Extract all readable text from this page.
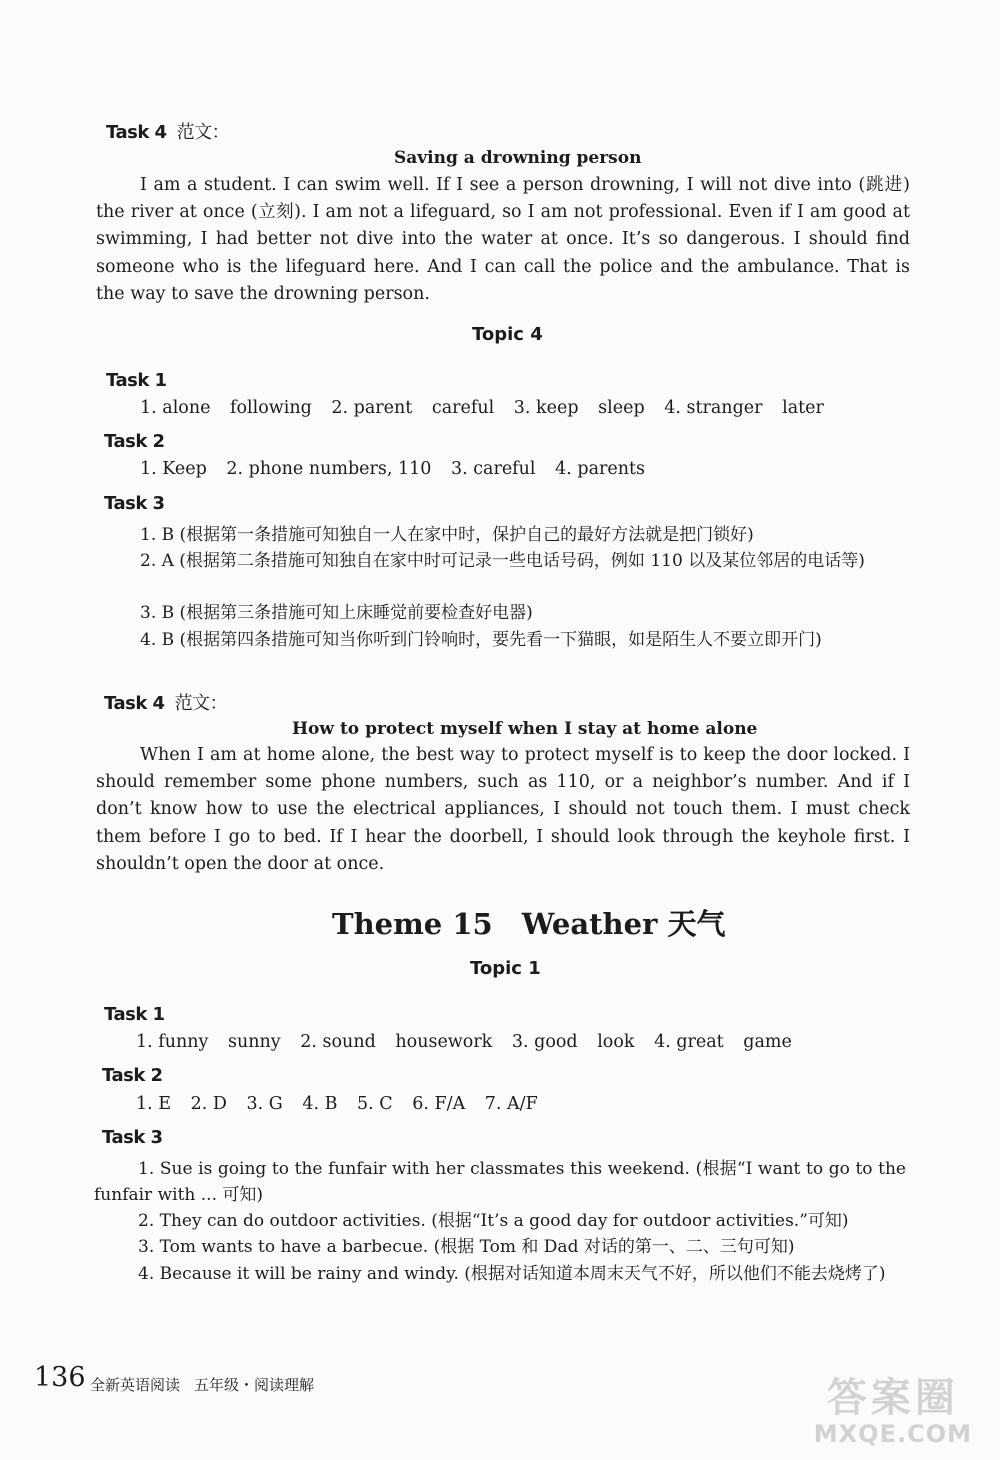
Task 4 范文：
Saving a drowning person
I am a student. I can swim well. If I see a person drowning, I will not dive into (跳进) the river at once (立刻). I am not a lifeguard, so I am not professional. Even if I am good at swimming, I had better not dive into the water at once. It’s so dangerous. I should find someone who is the lifeguard here. And I can call the police and the ambulance. That is the way to save the drowning person.
Topic 4
Task 1
1. alone following 2. parent careful 3. keep sleep 4. stranger later
Task 2
1. Keep 2. phone numbers, 110 3. careful 4. parents
Task 3
1. B (根据第一条措施可知独自一人在家中时，保护自己的最好方法就是把门锁好)
2. A (根据第二条措施可知独自在家中时可记录一些电话号码，例如 110 以及某位邻居的电话等)
3. B (根据第三条措施可知上床睡觉前要检查好电器)
4. B (根据第四条措施可知当你听到门铃响时，要先看一下猫眼，如是陌生人不要立即开门)
Task 4 范文：
How to protect myself when I stay at home alone
When I am at home alone, the best way to protect myself is to keep the door locked. I should remember some phone numbers, such as 110, or a neighbor’s number. And if I don’t know how to use the electrical appliances, I should not touch them. I must check them before I go to bed. If I hear the doorbell, I should look through the keyhole first. I shouldn’t open the door at once.
Theme 15　Weather 天气
Topic 1
Task 1
1. funny sunny 2. sound housework 3. good look 4. great game
Task 2
1. E 2. D 3. G 4. B 5. C 6. F/A 7. A/F
Task 3
1. Sue is going to the funfair with her classmates this weekend. (根据“I want to go to the funfair with ... 可知)
2. They can do outdoor activities. (根据“It’s a good day for outdoor activities.”可知)
3. Tom wants to have a barbecue. (根据 Tom 和 Dad 对话的第一、二、三句可知)
4. Because it will be rainy and windy. (根据对话知道本周末天气不好，所以他们不能去烧烤了)
136 全新英语阅读 五年级・阅读理解	答案圈
MXQE.COM
